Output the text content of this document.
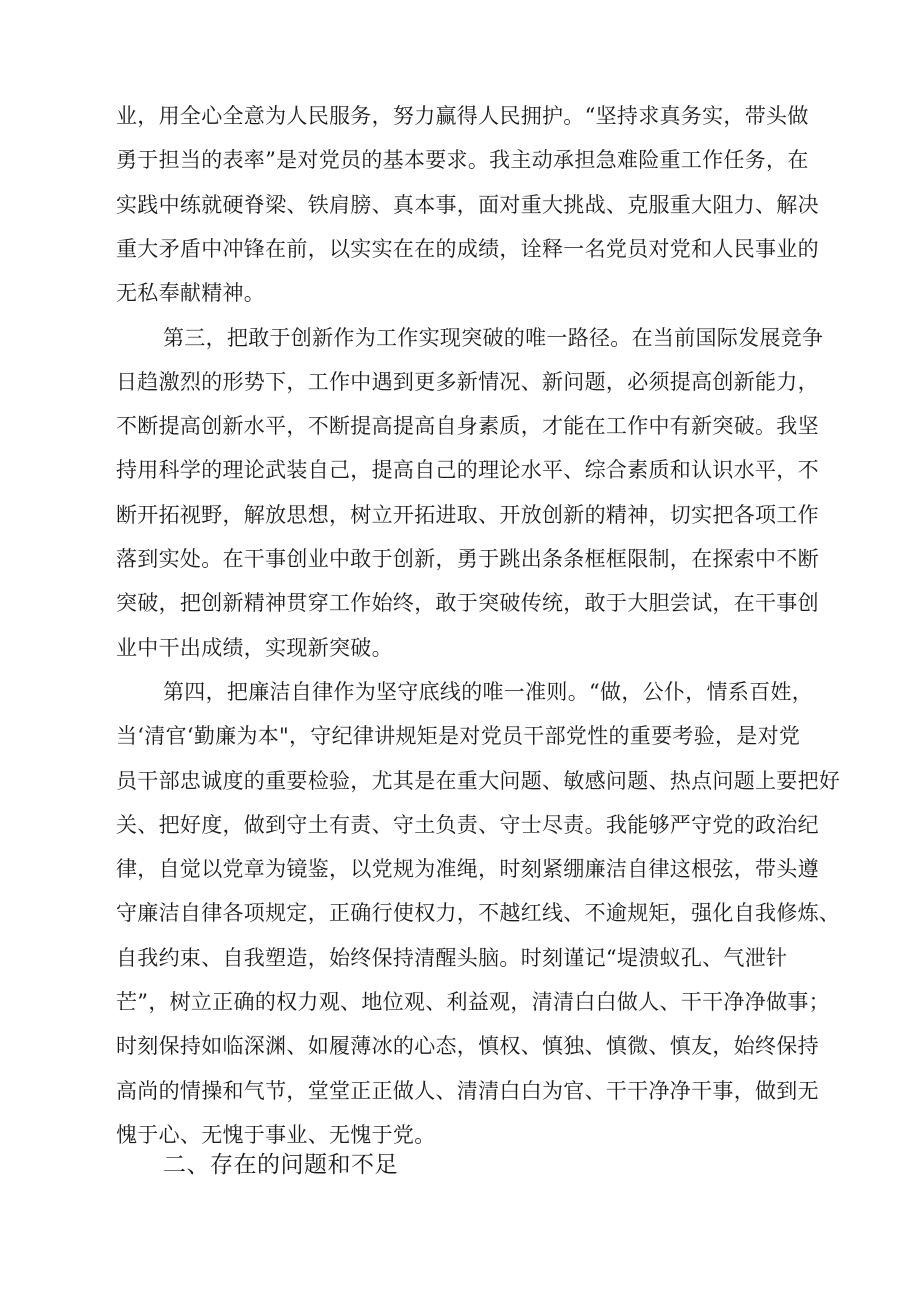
业，用全心全意为人民服务，努力赢得人民拥护。“坚持求真务实，带头做
勇于担当的表率”是对党员的基本要求。我主动承担急难险重工作任务，在
实践中练就硬脊梁、铁肩膀、真本事，面对重大挑战、克服重大阻力、解决
重大矛盾中冲锋在前，以实实在在的成绩，诠释一名党员对党和人民事业的
无私奉献精神。
第三，把敢于创新作为工作实现突破的唯一路径。在当前国际发展竞争
日趋激烈的形势下，工作中遇到更多新情况、新问题，必须提高创新能力，
不断提高创新水平，不断提高提高自身素质，才能在工作中有新突破。我坚
持用科学的理论武装自己，提高自己的理论水平、综合素质和认识水平，不
断开拓视野，解放思想，树立开拓进取、开放创新的精神，切实把各项工作
落到实处。在干事创业中敢于创新，勇于跳出条条框框限制，在探索中不断
突破，把创新精神贯穿工作始终，敢于突破传统，敢于大胆尝试，在干事创
业中干出成绩，实现新突破。
第四，把廉洁自律作为坚守底线的唯一准则。“做，公仆，情系百姓，
当‘清官‘勤廉为本"，守纪律讲规矩是对党员干部党性的重要考验，是对党
员干部忠诚度的重要检验，尤其是在重大问题、敏感问题、热点问题上要把好
关、把好度，做到守土有责、守土负责、守士尽责。我能够严守党的政治纪
律，自觉以党章为镜鉴，以党规为准绳，时刻紧绷廉洁自律这根弦，带头遵
守廉洁自律各项规定，正确行使权力，不越红线、不逾规矩，强化自我修炼、
自我约束、自我塑造，始终保持清醒头脑。时刻谨记“堤溃蚁孔、气泄针
芒”，树立正确的权力观、地位观、利益观，清清白白做人、干干净净做事；
时刻保持如临深渊、如履薄冰的心态，慎权、慎独、慎微、慎友，始终保持
高尚的情操和气节，堂堂正正做人、清清白白为官、干干净净干事，做到无
愧于心、无愧于事业、无愧于党。
二、存在的问题和不足
